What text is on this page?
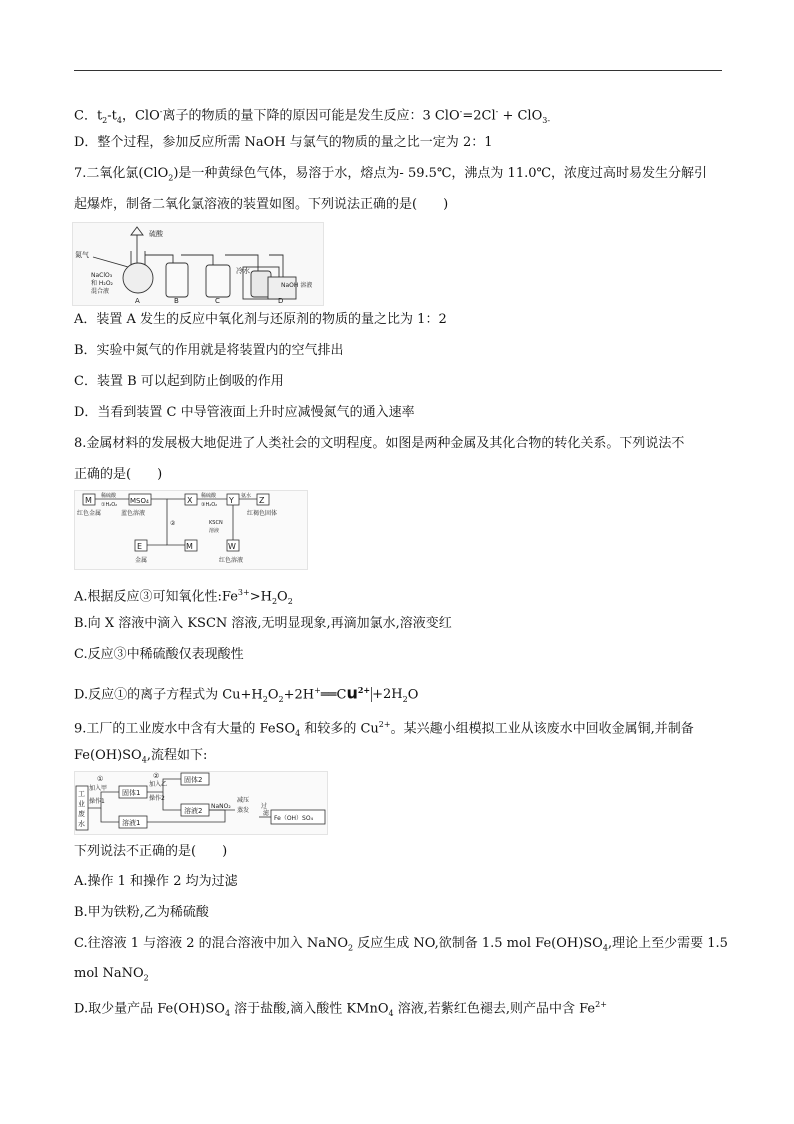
C．$t_2-t_4$，ClO-离子的物质的量下降的原因可能是发生反应：3 ClO-=2Cl- + ClO$_{3-}$
D．整个过程，参加反应所需 NaOH 与氯气的物质的量之比一定为 2：1
7.二氧化氯(ClO$_2$)是一种黄绿色气体，易溶于水，熔点为- 59.5℃，沸点为 11.0℃，浓度过高时易发生分解引
起爆炸，制备二氧化氯溶液的装置如图。下列说法正确的是(　　)
硫酸
氮气
NaClO₃
和 H₂O₂
混合液
冷水
NaOH 溶液
A	B	C	D
A．装置 A 发生的反应中氧化剂与还原剂的物质的量之比为 1：2
B．实验中氮气的作用就是将装置内的空气排出
C．装置 B 可以起到防止倒吸的作用
D．当看到装置 C 中导管液面上升时应减慢氮气的通入速率
8.金属材料的发展极大地促进了人类社会的文明程度。如图是两种金属及其化合物的转化关系。下列说法不
正确的是(　　)
M	MSO₄	X	Y	Z
E	M	W
稀硫酸
①H₂O₂
红色金属	蓝色溶液
②
稀硫酸
③H₂O₂
氨水
红褐色固体
KSCN
溶液
金属	红色溶液
A.根据反应③可知氧化性$:Fe^{3+}>H_2O_2$
B.向 X 溶液中滴入 KSCN 溶液,无明显现象,再滴加氯水,溶液变红
C.反应③中稀硫酸仅表现酸性
D.反应①的离子方程式为 $Cu+H_2O_2+2H^+══Cu^{2+} +2H_2O$
9.工厂的工业废水中含有大量的 FeSO$_4$ 和较多的 $Cu^{2+}$。某兴趣小组模拟工业从该废水中回收金属铜,并制备
$Fe(OH)SO_4$,流程如下:
工
业
废
水
①
加入甲
操作1
固体1
溶液1
②
加入乙
操作2
固体2
溶液2
NaNO₂
减压
蒸发
过
滤
Fe（OH）SO₄
下列说法不正确的是(　　)
A.操作 1 和操作 2 均为过滤
B.甲为铁粉,乙为稀硫酸
C.往溶液 1 与溶液 2 的混合溶液中加入 NaNO$_2$ 反应生成 NO,欲制备 1.5 mol $Fe(OH)SO_4$,理论上至少需要 1.5
mol NaNO$_2$
D.取少量产品 $Fe(OH)SO_4$ 溶于盐酸,滴入酸性 KMnO$_4$ 溶液,若紫红色褪去,则产品中含 $Fe^{2+}$
